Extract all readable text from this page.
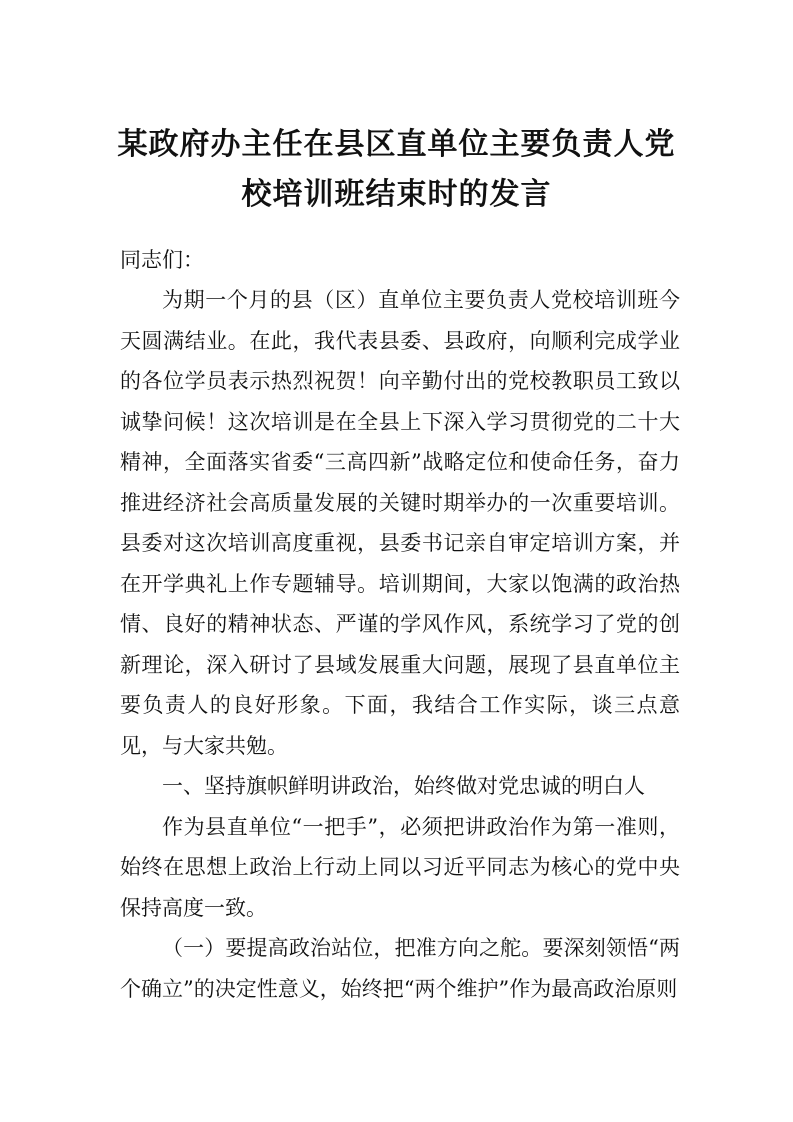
某政府办主任在县区直单位主要负责人党
校培训班结束时的发言
同志们：

为期一个月的县（区）直单位主要负责人党校培训班今天圆满结业。在此，我代表县委、县政府，向顺利完成学业的各位学员表示热烈祝贺！向辛勤付出的党校教职员工致以诚挚问候！这次培训是在全县上下深入学习贯彻党的二十大精神，全面落实省委“三高四新”战略定位和使命任务，奋力推进经济社会高质量发展的关键时期举办的一次重要培训。县委对这次培训高度重视，县委书记亲自审定培训方案，并在开学典礼上作专题辅导。培训期间，大家以饱满的政治热情、良好的精神状态、严谨的学风作风，系统学习了党的创新理论，深入研讨了县域发展重大问题，展现了县直单位主要负责人的良好形象。下面，我结合工作实际，谈三点意见，与大家共勉。

一、坚持旗帜鲜明讲政治，始终做对党忠诚的明白人

作为县直单位“一把手”，必须把讲政治作为第一准则，始终在思想上政治上行动上同以习近平同志为核心的党中央保持高度一致。

（一）要提高政治站位，把准方向之舵。要深刻领悟“两个确立”的决定性意义，始终把“两个维护”作为最高政治原则
